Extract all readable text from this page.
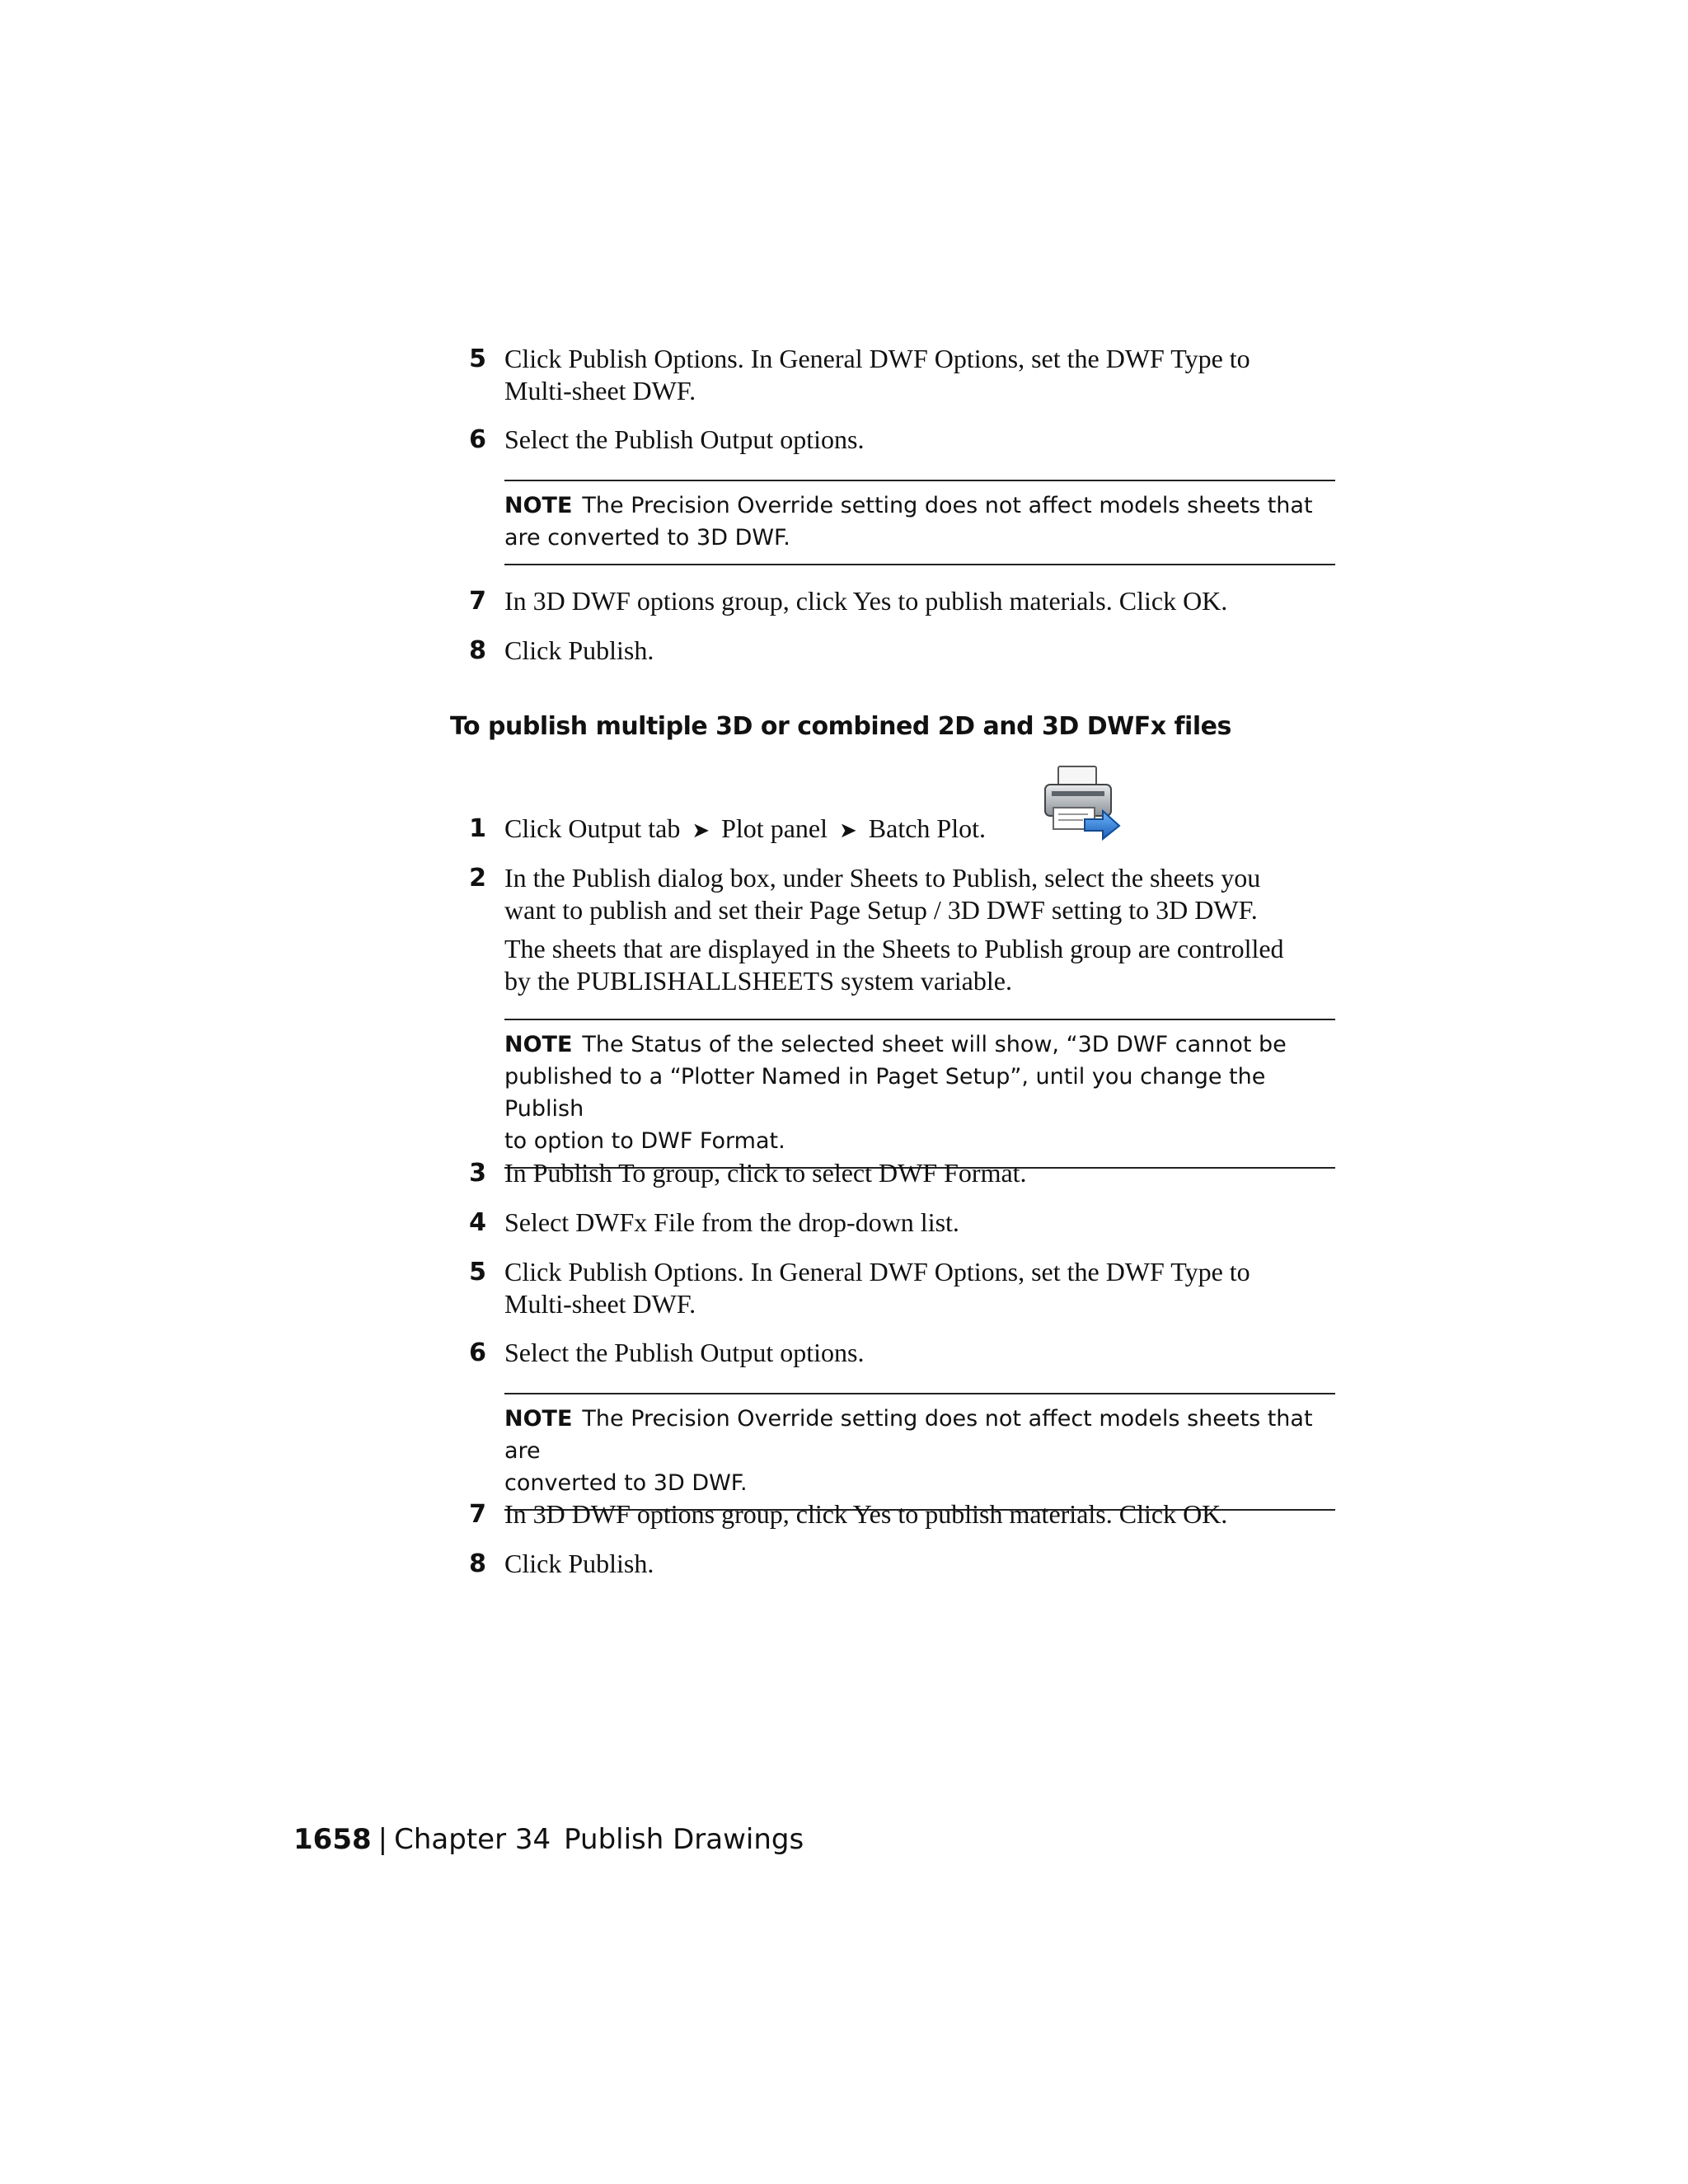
5 Click Publish Options. In General DWF Options, set the DWF Type to
Multi-sheet DWF.
6 Select the Publish Output options.
NOTE The Precision Override setting does not affect models sheets that are converted to 3D DWF.
7 In 3D DWF options group, click Yes to publish materials. Click OK.
8 Click Publish.
To publish multiple 3D or combined 2D and 3D DWFx files
1 Click Output tab ➤ Plot panel ➤ Batch Plot.
2 In the Publish dialog box, under Sheets to Publish, select the sheets you
want to publish and set their Page Setup / 3D DWF setting to 3D DWF.
The sheets that are displayed in the Sheets to Publish group are controlled
by the PUBLISHALLSHEETS system variable.
NOTE The Status of the selected sheet will show, “3D DWF cannot be
published to a “Plotter Named in Paget Setup”, until you change the Publish
to option to DWF Format.
3 In Publish To group, click to select DWF Format.
4 Select DWFx File from the drop-down list.
5 Click Publish Options. In General DWF Options, set the DWF Type to
Multi-sheet DWF.
6 Select the Publish Output options.
NOTE The Precision Override setting does not affect models sheets that are
converted to 3D DWF.
7 In 3D DWF options group, click Yes to publish materials. Click OK.
8 Click Publish.
1658 | Chapter 34 Publish Drawings
